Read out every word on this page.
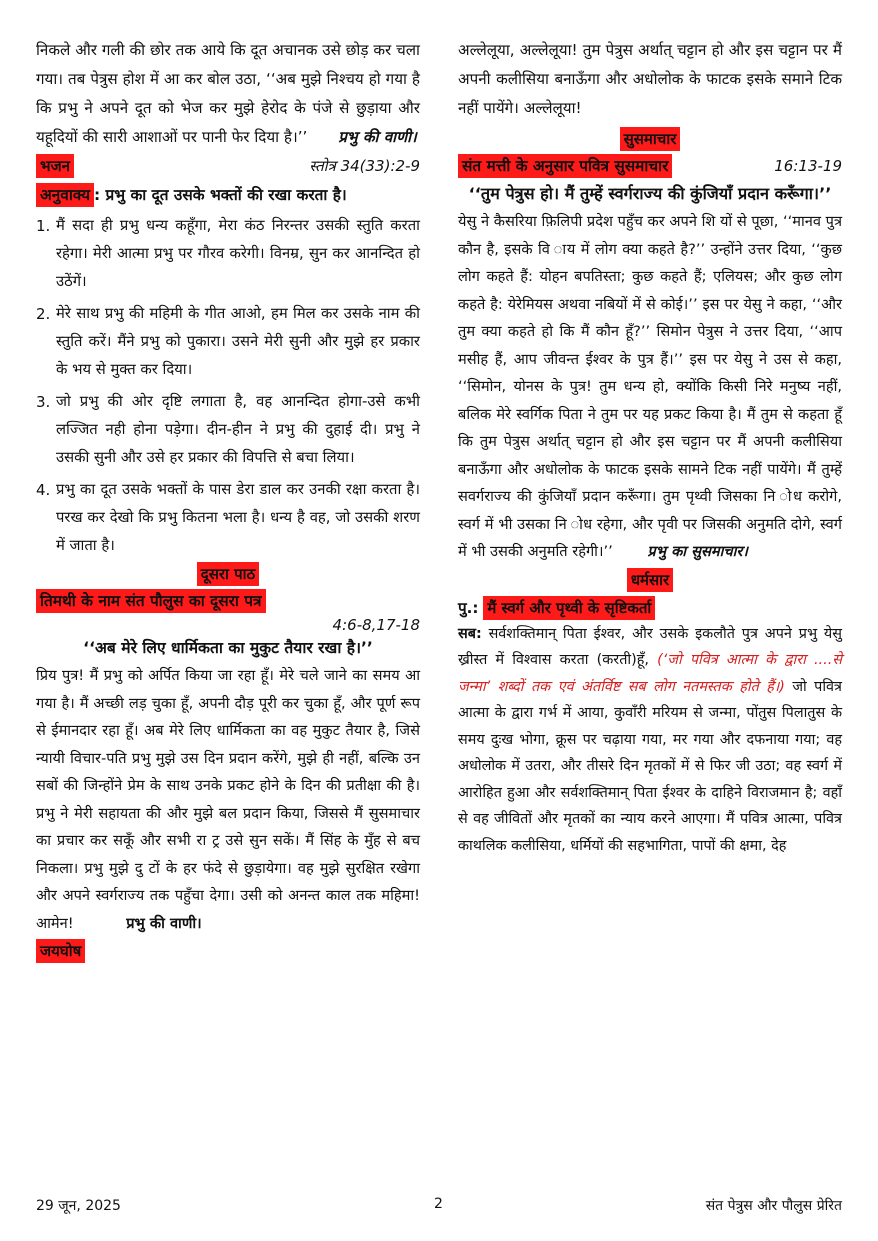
निकले और गली की छोर तक आये कि दूत अचानक उसे छोड़ कर चला गया। तब पेत्रुस होश में आ कर बोल उठा, ‘‘अब मुझे निश्चय हो गया है कि प्रभु ने अपने दूत को भेज कर मुझे हेरोद के पंजे से छुड़ाया और यहूदियों की सारी आशाओं पर पानी फेर दिया है।’’ प्रभु की वाणी।

भजन	स्तोत्र 34(33):2-9
अनुवाक्य : प्रभु का दूत उसके भक्तों की रखा करता है।
1. मैं सदा ही प्रभु धन्य कहूँगा, मेरा कंठ निरन्तर उसकी स्तुति करता रहेगा। मेरी आत्मा प्रभु पर गौरव करेगी। विनम्र, सुन कर आनन्दित हो उठेंगें।
2. मेरे साथ प्रभु की महिमी के गीत आओ, हम मिल कर उसके नाम की स्तुति करें। मैंने प्रभु को पुकारा। उसने मेरी सुनी और मुझे हर प्रकार के भय से मुक्त कर दिया।
3. जो प्रभु की ओर दृष्टि लगाता है, वह आनन्दित होगा-उसे कभी लज्जित नही होना पड़ेगा। दीन-हीन ने प्रभु की दुहाई दी। प्रभु ने उसकी सुनी और उसे हर प्रकार की विपत्ति से बचा लिया।
4. प्रभु का दूत उसके भक्तों के पास डेरा डाल कर उनकी रक्षा करता है। परख कर देखो कि प्रभु कितना भला है। धन्य है वह, जो उसकी शरण में जाता है।
दूसरा पाठ
तिमथी के नाम संत पौलुस का दूसरा पत्र
4:6-8,17-18
‘‘अब मेरे लिए धार्मिकता का मुकुट तैयार रखा है।’’

प्रिय पुत्र! मैं प्रभु को अर्पित किया जा रहा हूँ। मेरे चले जाने का समय आ गया है। मैं अच्छी लड़ चुका हूँ, अपनी दौड़ पूरी कर चुका हूँ, और पूर्ण रूप से ईमानदार रहा हूँ। अब मेरे लिए धार्मिकता का वह मुकुट तैयार है, जिसे न्यायी विचार-पति प्रभु मुझे उस दिन प्रदान करेंगे, मुझे ही नहीं, बल्कि उन सबों की जिन्होंने प्रेम के साथ उनके प्रकट होने के दिन की प्रतीक्षा की है। प्रभु ने मेरी सहायता की और मुझे बल प्रदान किया, जिससे मैं सुसमाचार का प्रचार कर सकूँ और सभी रा ट्र उसे सुन सकें। मैं सिंह के मुँह से बच निकला। प्रभु मुझे दु टों के हर फंदे से छुड़ायेगा। वह मुझे सुरक्षित रखेगा और अपने स्वर्गराज्य तक पहुँचा देगा। उसी को अनन्त काल तक महिमा! आमेन!	प्रभु की वाणी।

जयघोष

अल्लेलूया, अल्लेलूया! तुम पेत्रुस अर्थात् चट्टान हो और इस चट्टान पर मैं अपनी कलीसिया बनाऊँगा और अधोलोक के फाटक इसके समाने टिक नहीं पायेंगे। अल्लेलूया!

सुसमाचार
संत मत्ती के अनुसार पवित्र सुसमाचार	16:13-19
‘‘तुम पेत्रुस हो। मैं तुम्हें स्वर्गराज्य की कुंजियाँ प्रदान करूँगा।’’

येसु ने कैसरिया फ़िलिपी प्रदेश पहुँच कर अपने शि यों से पूछा, ‘‘मानव पुत्र कौन है, इसके वि ाय में लोग क्या कहते है?’’ उन्होंने उत्तर दिया, ‘‘कुछ लोग कहते हैं: योहन बपतिस्ता; कुछ कहते हैं; एलियस; और कुछ लोग कहते है: येरेमियस अथवा नबियों में से कोई।’’ इस पर येसु ने कहा, ‘‘और तुम क्या कहते हो कि मैं कौन हूँ?’’ सिमोन पेत्रुस ने उत्तर दिया, ‘‘आप मसीह हैं, आप जीवन्त ईश्वर के पुत्र हैं।’’ इस पर येसु ने उस से कहा, ‘‘सिमोन, योनस के पुत्र! तुम धन्य हो, क्योंकि किसी निरे मनुष्य नहीं, बलिक मेरे स्वर्गिक पिता ने तुम पर यह प्रकट किया है। मैं तुम से कहता हूँ कि तुम पेत्रुस अर्थात् चट्टान हो और इस चट्टान पर मैं अपनी कलीसिया बनाऊँगा और अधोलोक के फाटक इसके सामने टिक नहीं पायेंगे। मैं तुम्हें सवर्गराज्य की कुंजियाँ प्रदान करूँगा। तुम पृथ्वी जिसका नि ोध करोगे, स्वर्ग में भी उसका नि ोध रहेगा, और पृवी पर जिसकी अनुमति दोगे, स्वर्ग में भी उसकी अनुमति रहेगी।’’ प्रभु का सुसमाचार।

धर्मसार
पु.: मैं स्वर्ग और पृथ्वी के सृष्टिकर्ता

सब: सर्वशक्तिमान् पिता ईश्वर, और उसके इकलौते पुत्र अपने प्रभु येसु ख्रीस्त में विश्वास करता (करती)हूँ, (‘जो पवित्र आत्मा के द्वारा ....से जन्मा’ शब्दों तक एवं अंतर्विष्ट सब लोग नतमस्तक होते हैं।) जो पवित्र आत्मा के द्वारा गर्भ में आया, कुवाँरी मरियम से जन्मा, पोंतुस पिलातुस के समय दुःख भोगा, क्रूस पर चढ़ाया गया, मर गया और दफनाया गया; वह अधोलोक में उतरा, और तीसरे दिन मृतकों में से फिर जी उठा; वह स्वर्ग में आरोहित हुआ और सर्वशक्तिमान् पिता ईश्वर के दाहिने विराजमान है; वहाँ से वह जीवितों और मृतकों का न्याय करने आएगा। मैं पवित्र आत्मा, पवित्र काथलिक कलीसिया, धर्मियों की सहभागिता, पापों की क्षमा, देह

29 जून, 2025	2	संत पेत्रुस और पौलुस प्रेरित
